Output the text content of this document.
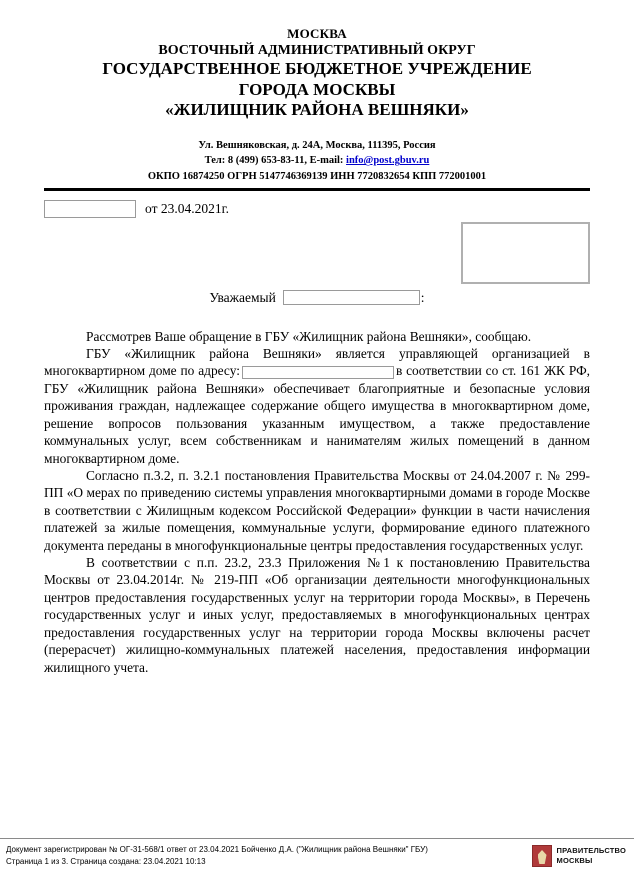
МОСКВА
ВОСТОЧНЫЙ АДМИНИСТРАТИВНЫЙ ОКРУГ
ГОСУДАРСТВЕННОЕ БЮДЖЕТНОЕ УЧРЕЖДЕНИЕ
ГОРОДА МОСКВЫ
«ЖИЛИЩНИК РАЙОНА ВЕШНЯКИ»
Ул. Вешняковская, д. 24А, Москва, 111395, Россия
Тел: 8 (499) 653-83-11, E-mail: info@post.gbuv.ru
ОКПО 16874250 ОГРН 5147746369139 ИНН 7720832654 КПП 772001001
от 23.04.2021г.
Уважаемый	:

Рассмотрев Ваше обращение в ГБУ «Жилищник района Вешняки», сообщаю.

ГБУ «Жилищник района Вешняки» является управляющей организацией в многоквартирном доме по адресу:	в соответствии со ст. 161 ЖК РФ, ГБУ «Жилищник района Вешняки» обеспечивает благоприятные и безопасные условия проживания граждан, надлежащее содержание общего имущества в многоквартирном доме, решение вопросов пользования указанным имуществом, а также предоставление коммунальных услуг, всем собственникам и нанимателям жилых помещений в данном многоквартирном доме.

Согласно п.3.2, п. 3.2.1 постановления Правительства Москвы от 24.04.2007 г. № 299-ПП «О мерах по приведению системы управления многоквартирными домами в городе Москве в соответствии с Жилищным кодексом Российской Федерации» функции в части начисления платежей за жилые помещения, коммунальные услуги, формирование единого платежного документа переданы в многофункциональные центры предоставления государственных услуг.

В соответствии с п.п. 23.2, 23.3 Приложения №1 к постановлению Правительства Москвы от 23.04.2014г. № 219-ПП «Об организации деятельности многофункциональных центров предоставления государственных услуг на территории города Москвы», в Перечень государственных услуг и иных услуг, предоставляемых в многофункциональных центрах предоставления государственных услуг на территории города Москвы включены расчет (перерасчет) жилищно-коммунальных платежей населения, предоставления информации жилищного учета.

Документ зарегистрирован № ОГ-31-568/1 ответ от 23.04.2021 Бойченко Д.А. ("Жилищник района Вешняки" ГБУ)
Страница 1 из 3. Страница создана: 23.04.2021 10:13
ПРАВИТЕЛЬСТВО
МОСКВЫ
